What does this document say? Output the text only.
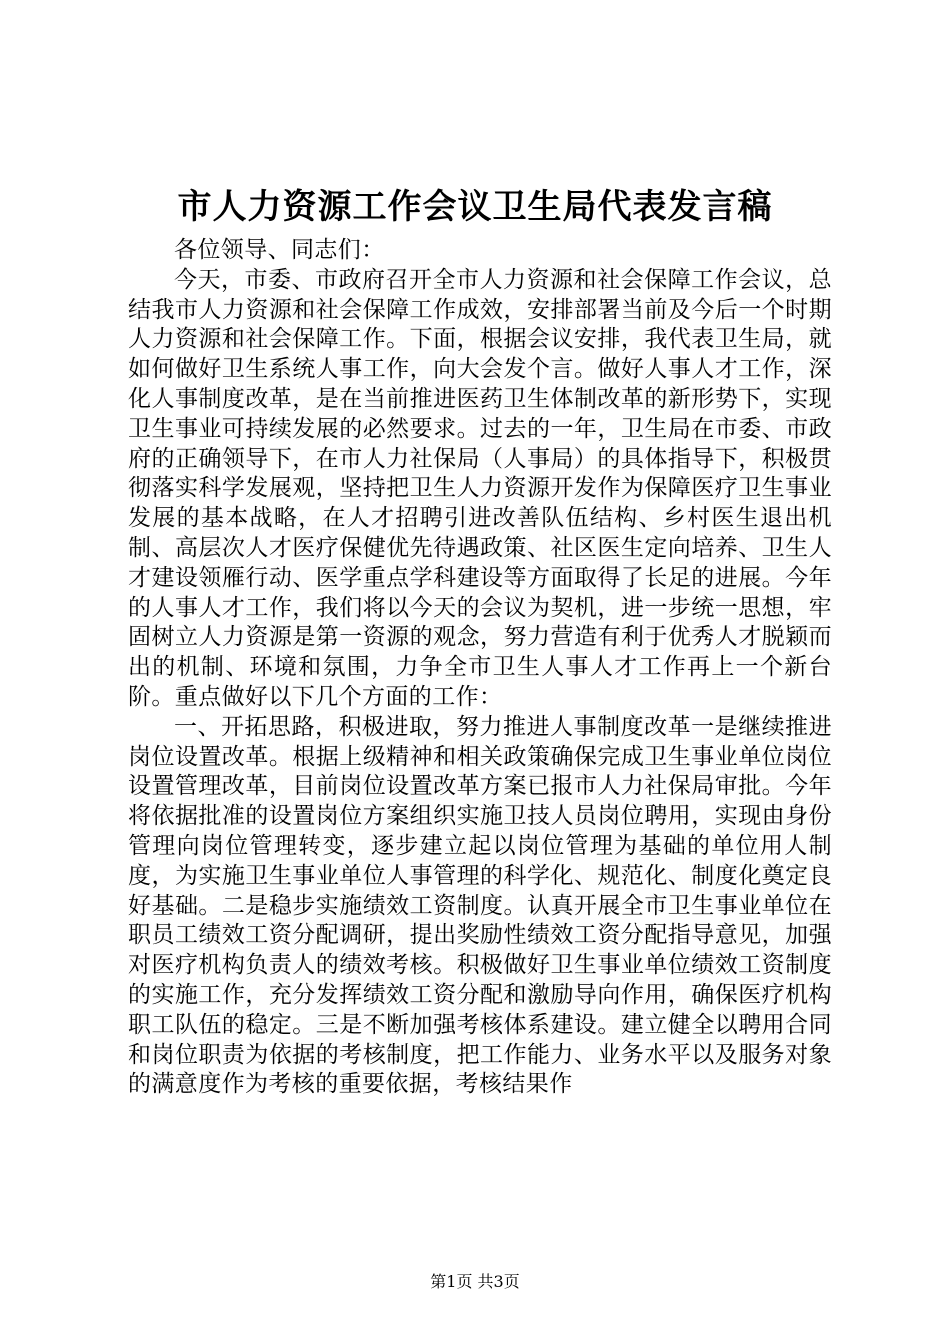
市人力资源工作会议卫生局代表发言稿

各位领导、同志们：

今天，市委、市政府召开全市人力资源和社会保障工作会议，总结我市人力资源和社会保障工作成效，安排部署当前及今后一个时期人力资源和社会保障工作。下面，根据会议安排，我代表卫生局，就如何做好卫生系统人事工作，向大会发个言。做好人事人才工作，深化人事制度改革，是在当前推进医药卫生体制改革的新形势下，实现卫生事业可持续发展的必然要求。过去的一年，卫生局在市委、市政府的正确领导下，在市人力社保局（人事局）的具体指导下，积极贯彻落实科学发展观，坚持把卫生人力资源开发作为保障医疗卫生事业发展的基本战略，在人才招聘引进改善队伍结构、乡村医生退出机制、高层次人才医疗保健优先待遇政策、社区医生定向培养、卫生人才建设领雁行动、医学重点学科建设等方面取得了长足的进展。今年的人事人才工作，我们将以今天的会议为契机，进一步统一思想，牢固树立人力资源是第一资源的观念，努力营造有利于优秀人才脱颖而出的机制、环境和氛围，力争全市卫生人事人才工作再上一个新台阶。重点做好以下几个方面的工作：

一、开拓思路，积极进取，努力推进人事制度改革一是继续推进岗位设置改革。根据上级精神和相关政策确保完成卫生事业单位岗位设置管理改革，目前岗位设置改革方案已报市人力社保局审批。今年将依据批准的设置岗位方案组织实施卫技人员岗位聘用，实现由身份管理向岗位管理转变，逐步建立起以岗位管理为基础的单位用人制度，为实施卫生事业单位人事管理的科学化、规范化、制度化奠定良好基础。二是稳步实施绩效工资制度。认真开展全市卫生事业单位在职员工绩效工资分配调研，提出奖励性绩效工资分配指导意见，加强对医疗机构负责人的绩效考核。积极做好卫生事业单位绩效工资制度的实施工作，充分发挥绩效工资分配和激励导向作用，确保医疗机构职工队伍的稳定。三是不断加强考核体系建设。建立健全以聘用合同和岗位职责为依据的考核制度，把工作能力、业务水平以及服务对象的满意度作为考核的重要依据，考核结果作

第1页 共3页
